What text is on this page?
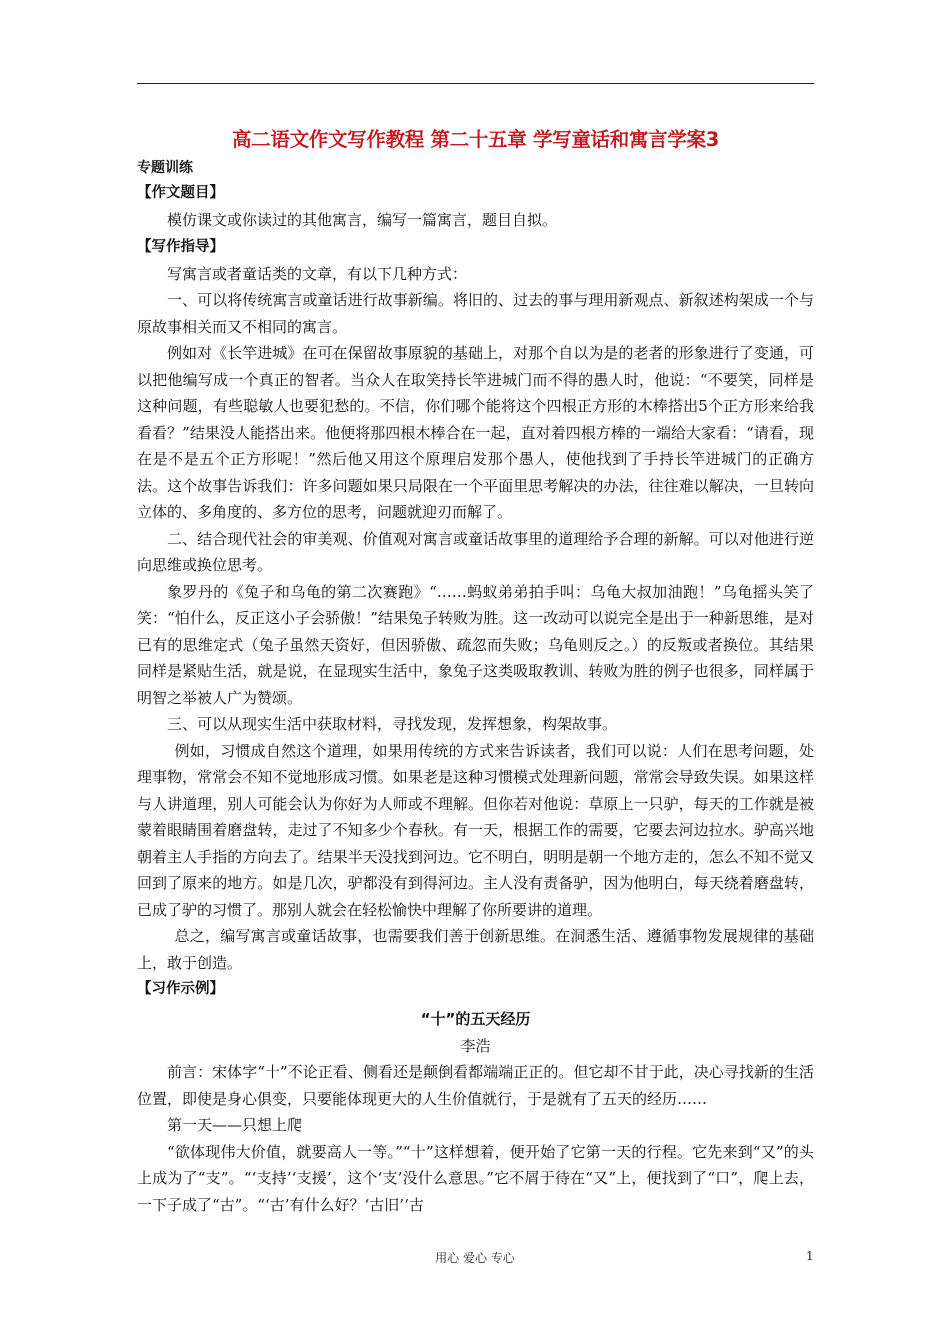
高二语文作文写作教程 第二十五章 学写童话和寓言学案3
专题训练
【作文题目】

模仿课文或你读过的其他寓言，编写一篇寓言，题目自拟。

【写作指导】

写寓言或者童话类的文章，有以下几种方式：

一、可以将传统寓言或童话进行故事新编。将旧的、过去的事与理用新观点、新叙述构架成一个与原故事相关而又不相同的寓言。

例如对《长竿进城》在可在保留故事原貌的基础上，对那个自以为是的老者的形象进行了变通，可以把他编写成一个真正的智者。当众人在取笑持长竿进城门而不得的愚人时，他说：“不要笑，同样是这种问题，有些聪敏人也要犯愁的。不信，你们哪个能将这个四根正方形的木棒搭出5个正方形来给我看看？”结果没人能搭出来。他便将那四根木棒合在一起，直对着四根方棒的一端给大家看：“请看，现在是不是五个正方形呢！”然后他又用这个原理启发那个愚人，使他找到了手持长竿进城门的正确方法。这个故事告诉我们：许多问题如果只局限在一个平面里思考解决的办法，往往难以解决，一旦转向立体的、多角度的、多方位的思考，问题就迎刃而解了。

二、结合现代社会的审美观、价值观对寓言或童话故事里的道理给予合理的新解。可以对他进行逆向思维或换位思考。

象罗丹的《兔子和乌龟的第二次赛跑》“……蚂蚁弟弟拍手叫：乌龟大叔加油跑！”乌龟摇头笑了笑：“怕什么，反正这小子会骄傲！”结果兔子转败为胜。这一改动可以说完全是出于一种新思维，是对已有的思维定式（兔子虽然天资好，但因骄傲、疏忽而失败；乌龟则反之。）的反叛或者换位。其结果同样是紧贴生活，就是说，在显现实生活中，象兔子这类吸取教训、转败为胜的例子也很多，同样属于明智之举被人广为赞颂。

三、可以从现实生活中获取材料，寻找发现，发挥想象，构架故事。

例如，习惯成自然这个道理，如果用传统的方式来告诉读者，我们可以说：人们在思考问题，处理事物，常常会不知不觉地形成习惯。如果老是这种习惯模式处理新问题，常常会导致失误。如果这样与人讲道理，别人可能会认为你好为人师或不理解。但你若对他说：草原上一只驴，每天的工作就是被蒙着眼睛围着磨盘转，走过了不知多少个春秋。有一天，根据工作的需要，它要去河边拉水。驴高兴地朝着主人手指的方向去了。结果半天没找到河边。它不明白，明明是朝一个地方走的，怎么不知不觉又回到了原来的地方。如是几次，驴都没有到得河边。主人没有责备驴，因为他明白，每天绕着磨盘转，已成了驴的习惯了。那别人就会在轻松愉快中理解了你所要讲的道理。

总之，编写寓言或童话故事，也需要我们善于创新思维。在洞悉生活、遵循事物发展规律的基础上，敢于创造。

【习作示例】
“十”的五天经历
李浩

前言：宋体字“十”不论正看、侧看还是颠倒看都端端正正的。但它却不甘于此，决心寻找新的生活位置，即使是身心俱变，只要能体现更大的人生价值就行，于是就有了五天的经历……

第一天——只想上爬

“欲体现伟大价值，就要高人一等。”“十”这样想着，便开始了它第一天的行程。它先来到“又”的头上成为了“支”。“‘支持’‘支援’，这个‘支’没什么意思。”它不屑于待在“又”上，便找到了“口”，爬上去，一下子成了“古”。“‘古’有什么好？‘古旧’‘古

用心 爱心 专心	1
